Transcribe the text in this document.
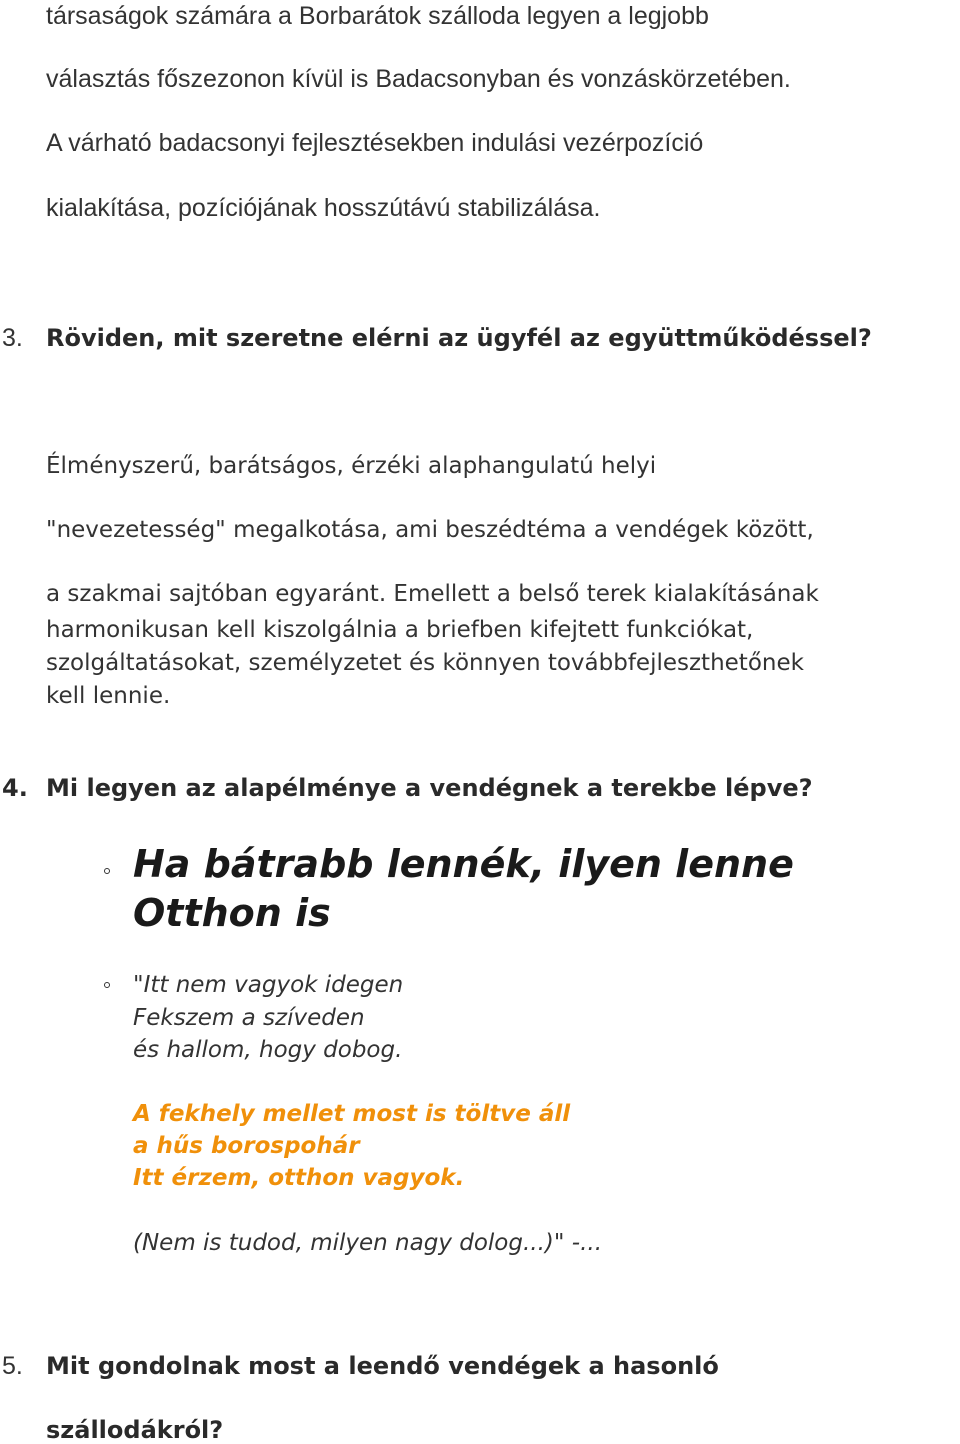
társaságok számára a Borbarátok szálloda legyen a legjobb

választás főszezonon kívül is Badacsonyban és vonzáskörzetében.

A várható badacsonyi fejlesztésekben indulási vezérpozíció

kialakítása, pozíciójának hosszútávú stabilizálása.

3. Röviden, mit szeretne elérni az ügyfél az együttműködéssel?

Élményszerű, barátságos, érzéki alaphangulatú helyi

"nevezetesség" megalkotása, ami beszédtéma a vendégek között,

a szakmai sajtóban egyaránt. Emellett a belső terek kialakításának

harmonikusan kell kiszolgálnia a briefben kifejtett funkciókat,

szolgáltatásokat, személyzetet és könnyen továbbfejleszthetőnek

kell lennie.

4. Mi legyen az alapélménye a vendégnek a terekbe lépve?

Ha bátrabb lennék, ilyen lenne

Otthon is

"Itt nem vagyok idegen

Fekszem a szíveden

és hallom, hogy dobog.

A fekhely mellet most is töltve áll

a hűs borospohár

Itt érzem, otthon vagyok.

(Nem is tudod, milyen nagy dolog...)" -...

5. Mit gondolnak most a leendő vendégek a hasonló

szállodákról?
